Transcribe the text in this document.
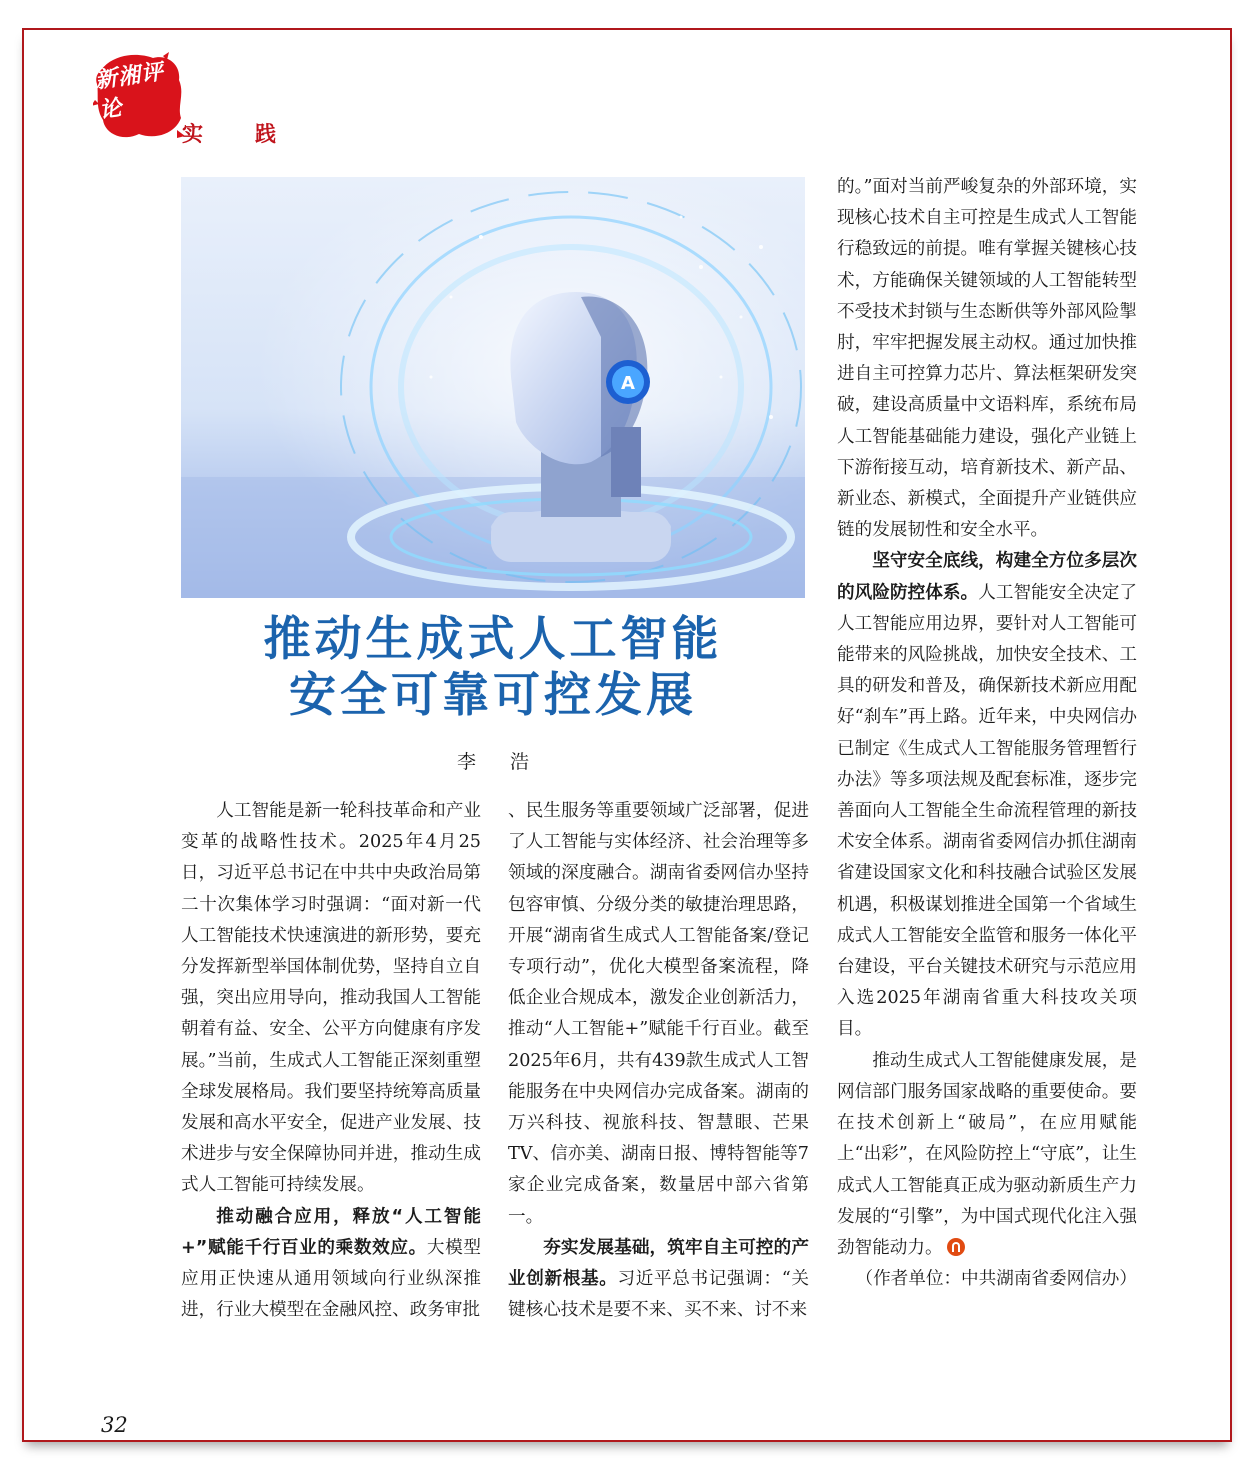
新湘评论
实践
A
推动生成式人工智能
安全可靠可控发展
李浩

人工智能是新一轮科技革命和产业变革的战略性技术。2025年4月25日，习近平总书记在中共中央政治局第二十次集体学习时强调：“面对新一代人工智能技术快速演进的新形势，要充分发挥新型举国体制优势，坚持自立自强，突出应用导向，推动我国人工智能朝着有益、安全、公平方向健康有序发展。”当前，生成式人工智能正深刻重塑全球发展格局。我们要坚持统筹高质量发展和高水平安全，促进产业发展、技术进步与安全保障协同并进，推动生成式人工智能可持续发展。

推动融合应用，释放“人工智能+”赋能千行百业的乘数效应。大模型应用正快速从通用领域向行业纵深推进，行业大模型在金融风控、政务审批

、民生服务等重要领域广泛部署，促进了人工智能与实体经济、社会治理等多领域的深度融合。湖南省委网信办坚持包容审慎、分级分类的敏捷治理思路，开展“湖南省生成式人工智能备案/登记专项行动”，优化大模型备案流程，降低企业合规成本，激发企业创新活力，推动“人工智能+”赋能千行百业。截至2025年6月，共有439款生成式人工智能服务在中央网信办完成备案。湖南的万兴科技、视旅科技、智慧眼、芒果TV、信亦美、湖南日报、博特智能等7家企业完成备案，数量居中部六省第一。

夯实发展基础，筑牢自主可控的产业创新根基。习近平总书记强调：“关键核心技术是要不来、买不来、讨不来

的。”面对当前严峻复杂的外部环境，实现核心技术自主可控是生成式人工智能行稳致远的前提。唯有掌握关键核心技术，方能确保关键领域的人工智能转型不受技术封锁与生态断供等外部风险掣肘，牢牢把握发展主动权。通过加快推进自主可控算力芯片、算法框架研发突破，建设高质量中文语料库，系统布局人工智能基础能力建设，强化产业链上下游衔接互动，培育新技术、新产品、新业态、新模式，全面提升产业链供应链的发展韧性和安全水平。

坚守安全底线，构建全方位多层次的风险防控体系。人工智能安全决定了人工智能应用边界，要针对人工智能可能带来的风险挑战，加快安全技术、工具的研发和普及，确保新技术新应用配好“刹车”再上路。近年来，中央网信办已制定《生成式人工智能服务管理暂行办法》等多项法规及配套标准，逐步完善面向人工智能全生命流程管理的新技术安全体系。湖南省委网信办抓住湖南省建设国家文化和科技融合试验区发展机遇，积极谋划推进全国第一个省域生成式人工智能安全监管和服务一体化平台建设，平台关键技术研究与示范应用入选2025年湖南省重大科技攻关项目。

推动生成式人工智能健康发展，是网信部门服务国家战略的重要使命。要在技术创新上“破局”，在应用赋能上“出彩”，在风险防控上“守底”，让生成式人工智能真正成为驱动新质生产力发展的“引擎”，为中国式现代化注入强劲智能动力。

（作者单位：中共湖南省委网信办）

32
